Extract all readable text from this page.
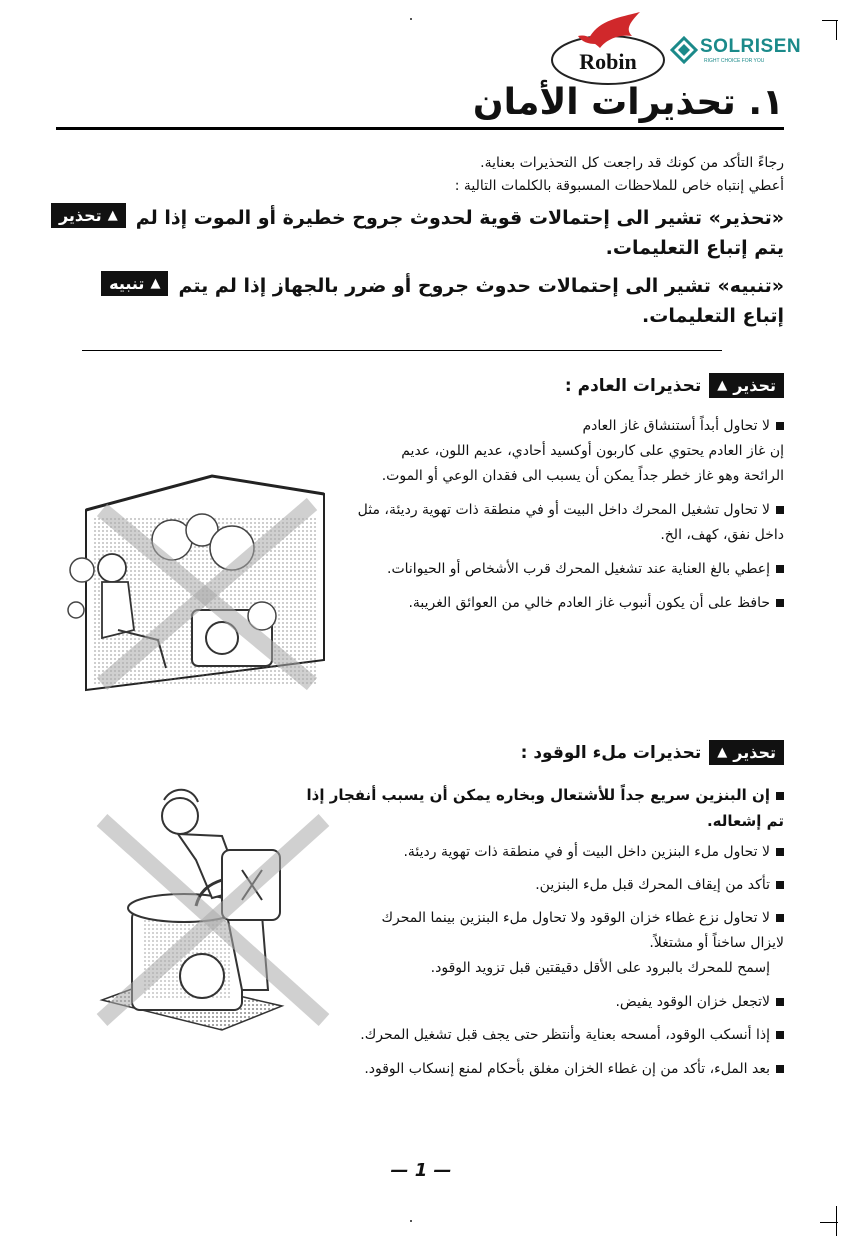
Robin
SOLRISEN
RIGHT CHOICE FOR YOU
١. تحذيرات الأمان
رجاءً التأكد من كونك قد راجعت كل التحذيرات بعناية.
أعطي إنتباه خاص للملاحظات المسبوقة بالكلمات التالية :
▲
تحذير «تحذير» تشير الى إحتمالات قوية لحدوث جروح خطيرة أو الموت إذا لم
يتم إتباع التعليمات.
▲
تنبيه «تنبيه» تشير الى إحتمالات حدوث جروح أو ضرر بالجهاز إذا لم يتم
إتباع التعليمات.
▲ تحذير
: تحذيرات العادم
لا تحاول أبداً أستنشاق غاز العادم
إن غاز العادم يحتوي على كاربون أوكسيد أحادي، عديم اللون، عديم
الرائحة وهو غاز خطر جداً يمكن أن يسبب الى فقدان الوعي أو الموت.
لا تحاول تشغيل المحرك داخل البيت أو في منطقة ذات تهوية رديئة، مثل
داخل نفق، كهف، الخ.
إعطي بالغ العناية عند تشغيل المحرك قرب الأشخاص أو الحيوانات.
حافظ على أن يكون أنبوب غاز العادم خالي من العوائق الغريبة.
▲ تحذير
: تحذيرات ملء الوقود
إن البنزين سريع جداً للأشتعال وبخاره يمكن أن يسبب أنفجار إذا
تم إشعاله.
لا تحاول ملء البنزين داخل البيت أو في منطقة ذات تهوية رديئة.
تأكد من إيقاف المحرك قبل ملء البنزين.
لا تحاول نزع غطاء خزان الوقود ولا تحاول ملء البنزين بينما المحرك
لايزال ساخناً أو مشتغلاً.
إسمح للمحرك بالبرود على الأقل دقيقتين قبل تزويد الوقود.
لاتجعل خزان الوقود يفيض.
إذا أنسكب الوقود، أمسحه بعناية وأنتظر حتى يجف قبل تشغيل المحرك.
بعد الملء، تأكد من إن غطاء الخزان مغلق بأحكام لمنع إنسكاب الوقود.
— 1 —
